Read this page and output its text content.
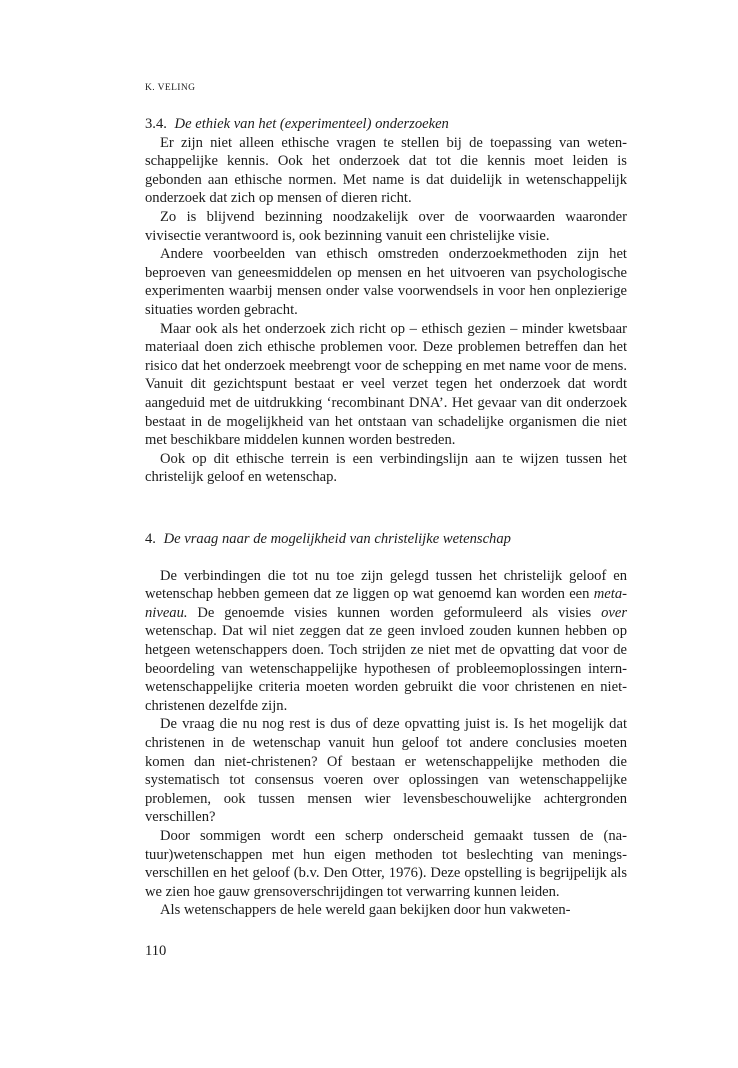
K. VELING
3.4. De ethiek van het (experimenteel) onderzoeken

Er zijn niet alleen ethische vragen te stellen bij de toepassing van wetenschappelijke kennis. Ook het onderzoek dat tot die kennis moet leiden is gebonden aan ethische normen. Met name is dat duidelijk in wetenschappelijk onderzoek dat zich op mensen of dieren richt.

Zo is blijvend bezinning noodzakelijk over de voorwaarden waaronder vivisectie verantwoord is, ook bezinning vanuit een christelijke visie.

Andere voorbeelden van ethisch omstreden onderzoekmethoden zijn het beproeven van geneesmiddelen op mensen en het uitvoeren van psychologische experimenten waarbij mensen onder valse voorwendsels in voor hen onplezierige situaties worden gebracht.

Maar ook als het onderzoek zich richt op – ethisch gezien – minder kwetsbaar materiaal doen zich ethische problemen voor. Deze problemen betreffen dan het risico dat het onderzoek meebrengt voor de schepping en met name voor de mens. Vanuit dit gezichtspunt bestaat er veel verzet tegen het onderzoek dat wordt aangeduid met de uitdrukking ‘recombinant DNA’. Het gevaar van dit onderzoek bestaat in de mogelijkheid van het ontstaan van schadelijke organismen die niet met beschikbare middelen kunnen worden bestreden.

Ook op dit ethische terrein is een verbindingslijn aan te wijzen tussen het christelijk geloof en wetenschap.

4. De vraag naar de mogelijkheid van christelijke wetenschap

De verbindingen die tot nu toe zijn gelegd tussen het christelijk geloof en wetenschap hebben gemeen dat ze liggen op wat genoemd kan worden een meta-niveau. De genoemde visies kunnen worden geformuleerd als visies over wetenschap. Dat wil niet zeggen dat ze geen invloed zouden kunnen hebben op hetgeen wetenschappers doen. Toch strijden ze niet met de opvatting dat voor de beoordeling van wetenschappelijke hypothesen of probleemoplossingen intern-wetenschappelijke criteria moeten worden gebruikt die voor christenen en niet-christenen dezelfde zijn.

De vraag die nu nog rest is dus of deze opvatting juist is. Is het mogelijk dat christenen in de wetenschap vanuit hun geloof tot andere conclusies moeten komen dan niet-christenen? Of bestaan er wetenschappelijke methoden die systematisch tot consensus voeren over oplossingen van wetenschappelijke problemen, ook tussen mensen wier levensbeschouwelijke achtergronden verschillen?

Door sommigen wordt een scherp onderscheid gemaakt tussen de (natuur)wetenschappen met hun eigen methoden tot beslechting van meningsverschillen en het geloof (b.v. Den Otter, 1976). Deze opstelling is begrijpelijk als we zien hoe gauw grensoverschrijdingen tot verwarring kunnen leiden.

Als wetenschappers de hele wereld gaan bekijken door hun vakweten-

110
